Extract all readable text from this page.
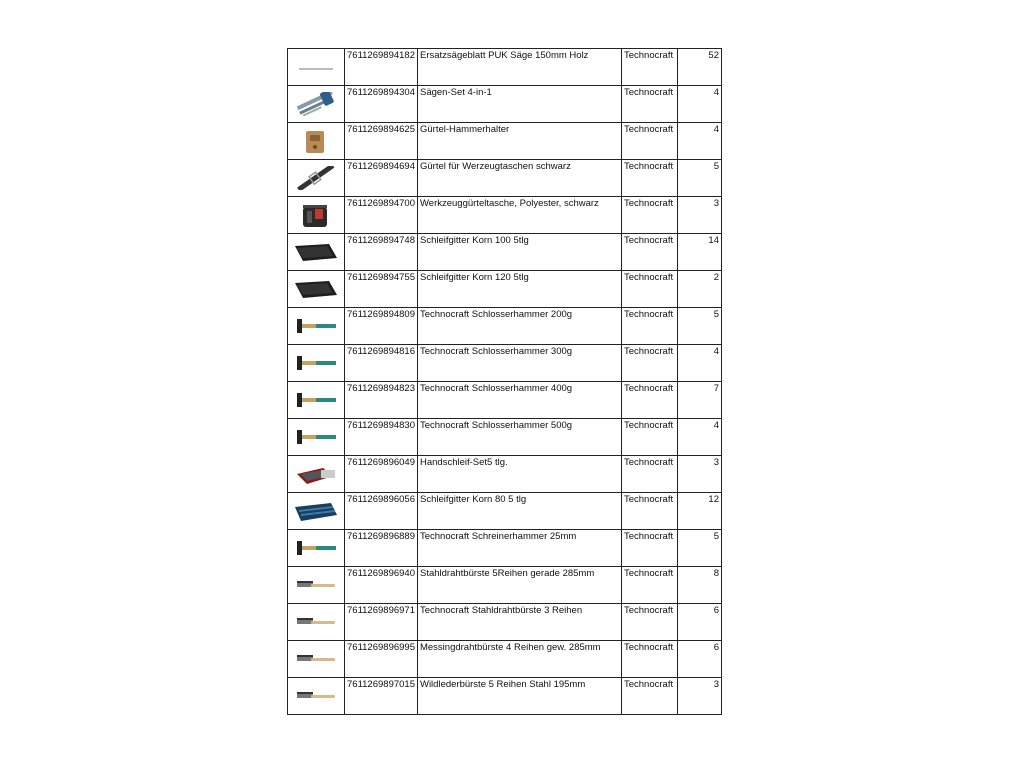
	7611269894182	Ersatzsägeblatt PUK Säge 150mm Holz	Technocraft	52

	7611269894304	Sägen-Set 4-in-1	Technocraft	4

	7611269894625	Gürtel-Hammerhalter	Technocraft	4

	7611269894694	Gürtel für Werzeugtaschen schwarz	Technocraft	5

	7611269894700	Werkzeuggürteltasche, Polyester, schwarz	Technocraft	3

	7611269894748	Schleifgitter Korn 100 5tlg	Technocraft	14

	7611269894755	Schleifgitter Korn 120 5tlg	Technocraft	2

	7611269894809	Technocraft Schlosserhammer 200g	Technocraft	5

	7611269894816	Technocraft Schlosserhammer 300g	Technocraft	4

	7611269894823	Technocraft Schlosserhammer 400g	Technocraft	7

	7611269894830	Technocraft Schlosserhammer 500g	Technocraft	4

	7611269896049	Handschleif-Set5 tlg.	Technocraft	3

	7611269896056	Schleifgitter Korn 80 5 tlg	Technocraft	12

	7611269896889	Technocraft Schreinerhammer 25mm	Technocraft	5

	7611269896940	Stahldrahtbürste 5Reihen gerade 285mm	Technocraft	8

	7611269896971	Technocraft Stahldrahtbürste 3 Reihen	Technocraft	6

	7611269896995	Messingdrahtbürste 4 Reihen gew. 285mm	Technocraft	6

	7611269897015	Wildlederbürste 5 Reihen Stahl 195mm	Technocraft	3
